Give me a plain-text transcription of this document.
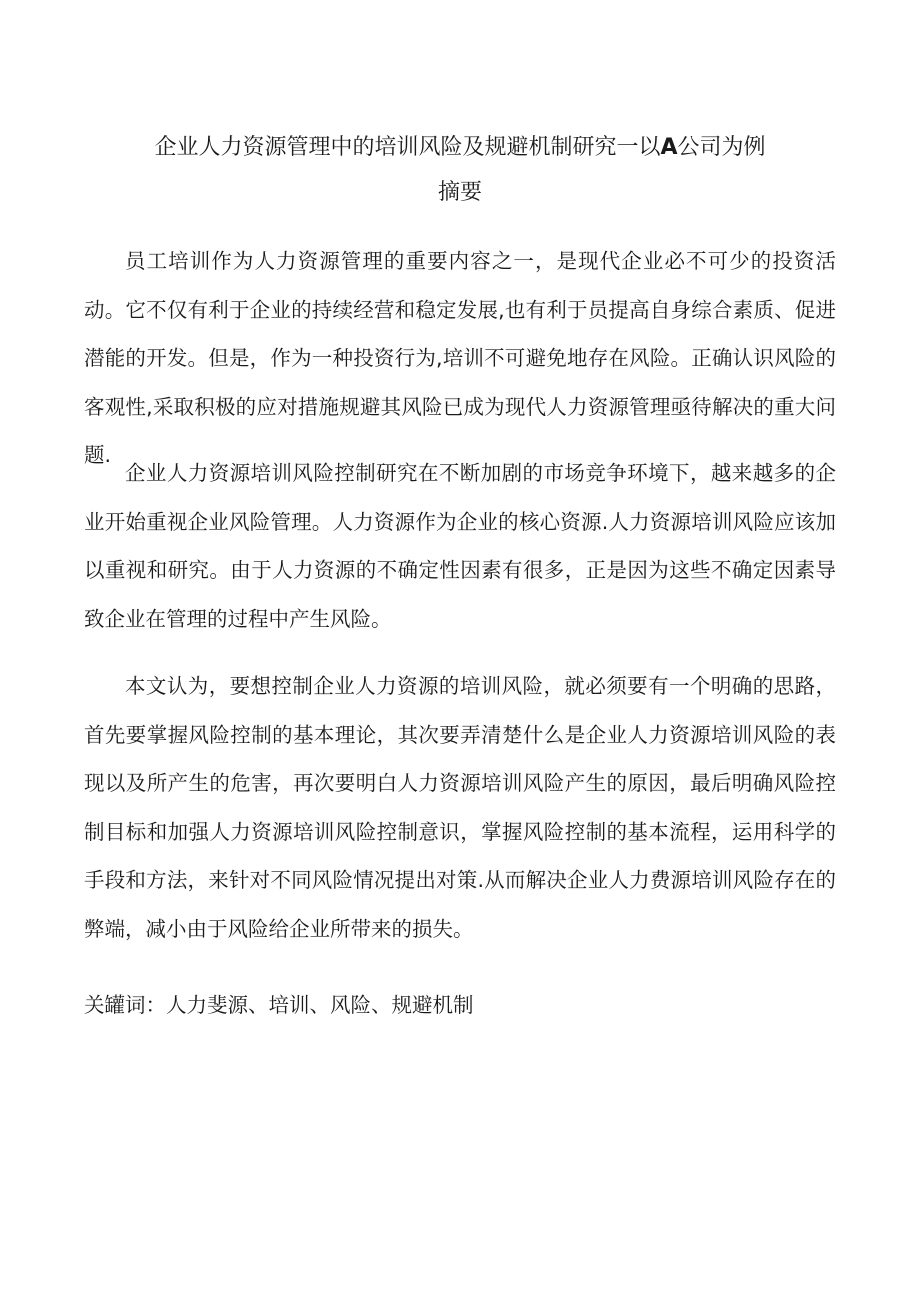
企业人力资源管理中的培训风险及规避机制研究一以A公司为例
摘要

员工培训作为人力资源管理的重要内容之一，是现代企业必不可少的投资活动。它不仅有利于企业的持续经营和稳定发展,也有利于员提高自身综合素质、促进潜能的开发。但是，作为一种投资行为,培训不可避免地存在风险。正确认识风险的客观性,采取积极的应对措施规避其风险已成为现代人力资源管理亟待解决的重大问题.

企业人力资源培训风险控制研究在不断加剧的市场竞争环境下，越来越多的企业开始重视企业风险管理。人力资源作为企业的核心资源.人力资源培训风险应该加以重视和研究。由于人力资源的不确定性因素有很多，正是因为这些不确定因素导致企业在管理的过程中产生风险。

本文认为，要想控制企业人力资源的培训风险，就必须要有一个明确的思路，首先要掌握风险控制的基本理论，其次要弄清楚什么是企业人力资源培训风险的表现以及所产生的危害，再次要明白人力资源培训风险产生的原因，最后明确风险控制目标和加强人力资源培训风险控制意识，掌握风险控制的基本流程，运用科学的手段和方法，来针对不同风险情况提出对策.从而解决企业人力费源培训风险存在的弊端，减小由于风险给企业所带来的损失。

关罐词：人力斐源、培训、风险、规避机制
